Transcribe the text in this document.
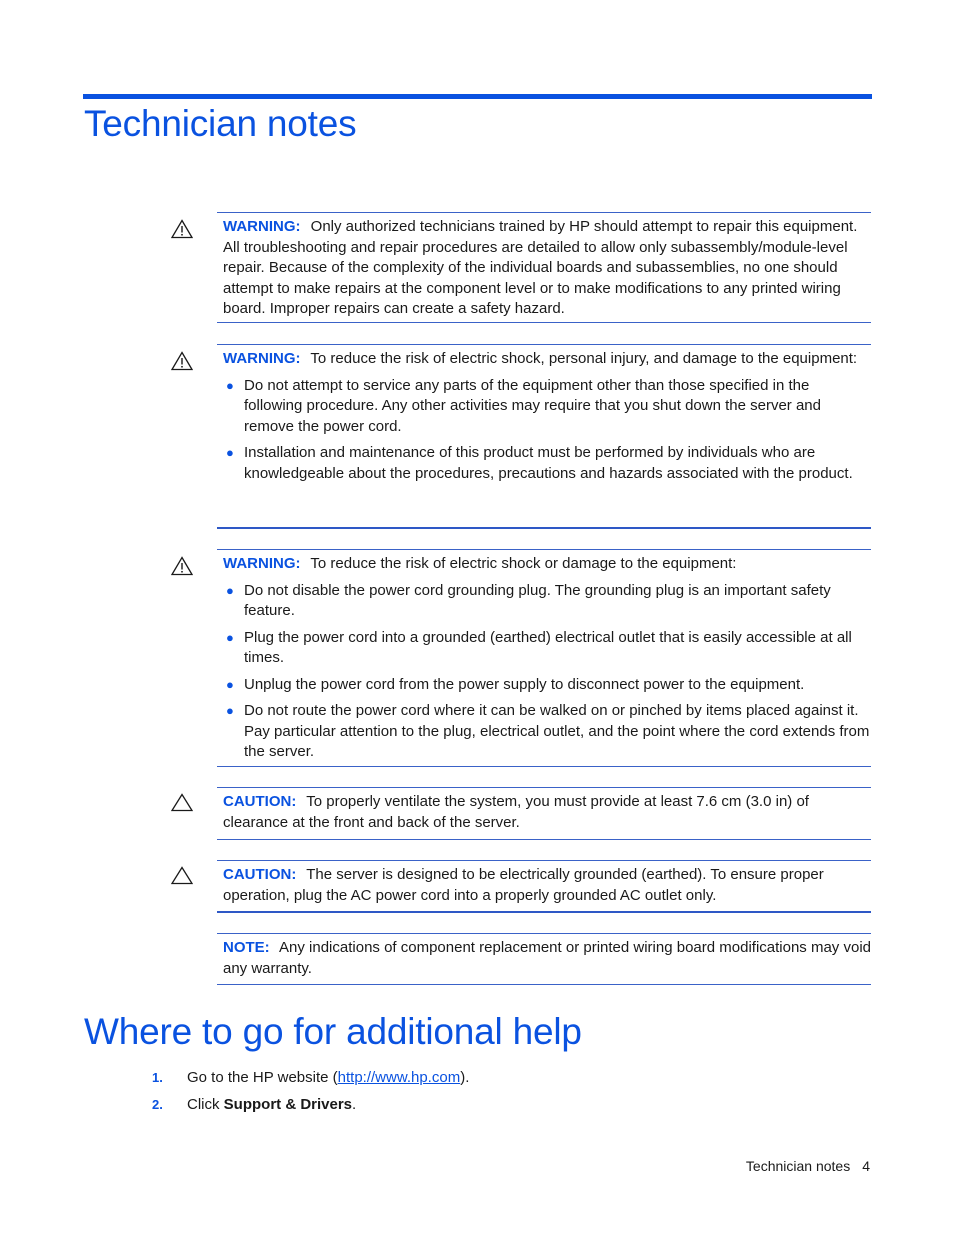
Technician notes
WARNING: Only authorized technicians trained by HP should attempt to repair this equipment. All troubleshooting and repair procedures are detailed to allow only subassembly/module-level repair. Because of the complexity of the individual boards and subassemblies, no one should attempt to make repairs at the component level or to make modifications to any printed wiring board. Improper repairs can create a safety hazard.
WARNING: To reduce the risk of electric shock, personal injury, and damage to the equipment:
● Do not attempt to service any parts of the equipment other than those specified in the following procedure. Any other activities may require that you shut down the server and remove the power cord.
● Installation and maintenance of this product must be performed by individuals who are knowledgeable about the procedures, precautions and hazards associated with the product.
WARNING: To reduce the risk of electric shock or damage to the equipment:
● Do not disable the power cord grounding plug. The grounding plug is an important safety feature.
● Plug the power cord into a grounded (earthed) electrical outlet that is easily accessible at all times.
● Unplug the power cord from the power supply to disconnect power to the equipment.
● Do not route the power cord where it can be walked on or pinched by items placed against it. Pay particular attention to the plug, electrical outlet, and the point where the cord extends from the server.
CAUTION: To properly ventilate the system, you must provide at least 7.6 cm (3.0 in) of clearance at the front and back of the server.
CAUTION: The server is designed to be electrically grounded (earthed). To ensure proper operation, plug the AC power cord into a properly grounded AC outlet only.
NOTE: Any indications of component replacement or printed wiring board modifications may void any warranty.
Where to go for additional help
1.	Go to the HP website (http://www.hp.com).
2.	Click Support & Drivers.
Technician notes 4
